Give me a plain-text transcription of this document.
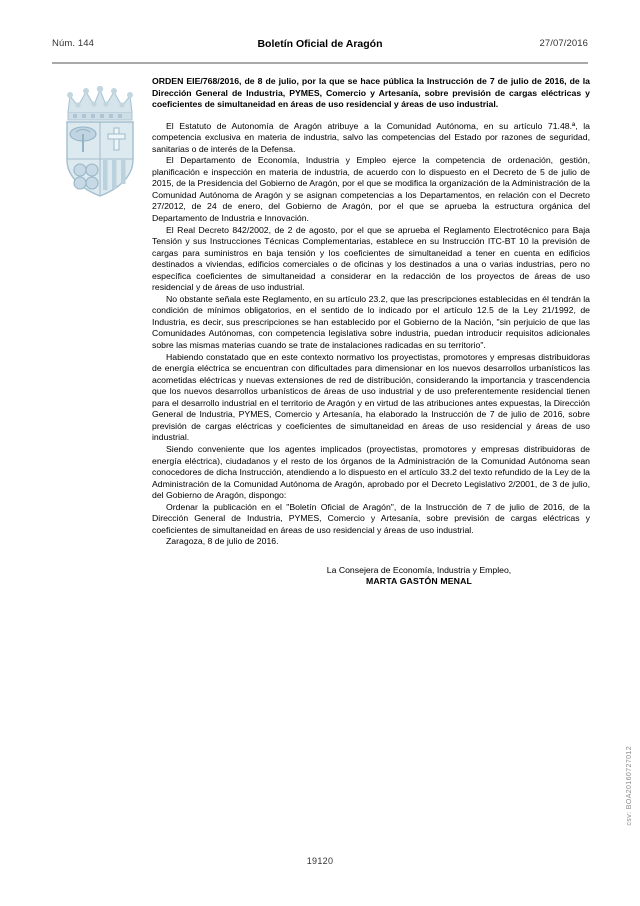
Núm. 144	Boletín Oficial de Aragón	27/07/2016

ORDEN EIE/768/2016, de 8 de julio, por la que se hace pública la Instrucción de 7 de julio de 2016, de la Dirección General de Industria, PYMES, Comercio y Artesanía, sobre previsión de cargas eléctricas y coeficientes de simultaneidad en áreas de uso residencial y áreas de uso industrial.

El Estatuto de Autonomía de Aragón atribuye a la Comunidad Autónoma, en su artículo 71.48.ª, la competencia exclusiva en materia de industria, salvo las competencias del Estado por razones de seguridad, sanitarias o de interés de la Defensa.

El Departamento de Economía, Industria y Empleo ejerce la competencia de ordenación, gestión, planificación e inspección en materia de industria, de acuerdo con lo dispuesto en el Decreto de 5 de julio de 2015, de la Presidencia del Gobierno de Aragón, por el que se modifica la organización de la Administración de la Comunidad Autónoma de Aragón y se asignan competencias a los Departamentos, en relación con el Decreto 27/2012, de 24 de enero, del Gobierno de Aragón, por el que se aprueba la estructura orgánica del Departamento de Industria e Innovación.

El Real Decreto 842/2002, de 2 de agosto, por el que se aprueba el Reglamento Electrotécnico para Baja Tensión y sus Instrucciones Técnicas Complementarias, establece en su Instrucción ITC-BT 10 la previsión de cargas para suministros en baja tensión y los coeficientes de simultaneidad a tener en cuenta en edificios destinados a viviendas, edificios comerciales o de oficinas y los destinados a una o varias industrias, pero no específica coeficientes de simultaneidad a considerar en la redacción de los proyectos de áreas de uso residencial y de áreas de uso industrial.

No obstante señala este Reglamento, en su artículo 23.2, que las prescripciones establecidas en él tendrán la condición de mínimos obligatorios, en el sentido de lo indicado por el artículo 12.5 de la Ley 21/1992, de Industria, es decir, sus prescripciones se han establecido por el Gobierno de la Nación, "sin perjuicio de que las Comunidades Autónomas, con competencia legislativa sobre industria, puedan introducir requisitos adicionales sobre las mismas materias cuando se trate de instalaciones radicadas en su territorio".

Habiendo constatado que en este contexto normativo los proyectistas, promotores y empresas distribuidoras de energía eléctrica se encuentran con dificultades para dimensionar en los nuevos desarrollos urbanísticos las acometidas eléctricas y nuevas extensiones de red de distribución, considerando la importancia y trascendencia que los nuevos desarrollos urbanísticos de áreas de uso industrial y de uso preferentemente residencial tienen para el desarrollo industrial en el territorio de Aragón y en virtud de las atribuciones antes expuestas, la Dirección General de Industria, PYMES, Comercio y Artesanía, ha elaborado la Instrucción de 7 de julio de 2016, sobre previsión de cargas eléctricas y coeficientes de simultaneidad en áreas de uso residencial y áreas de uso industrial.

Siendo conveniente que los agentes implicados (proyectistas, promotores y empresas distribuidoras de energía eléctrica), ciudadanos y el resto de los órganos de la Administración de la Comunidad Autónoma sean conocedores de dicha Instrucción, atendiendo a lo dispuesto en el artículo 33.2 del texto refundido de la Ley de la Administración de la Comunidad Autónoma de Aragón, aprobado por el Decreto Legislativo 2/2001, de 3 de julio, del Gobierno de Aragón, dispongo:

Ordenar la publicación en el "Boletín Oficial de Aragón", de la Instrucción de 7 de julio de 2016, de la Dirección General de Industria, PYMES, Comercio y Artesanía, sobre previsión de cargas eléctricas y coeficientes de simultaneidad en áreas de uso residencial y áreas de uso industrial.

Zaragoza, 8 de julio de 2016.

La Consejera de Economía, Industria y Empleo,
MARTA GASTÓN MENAL
csv: BOA20160727012
19120
